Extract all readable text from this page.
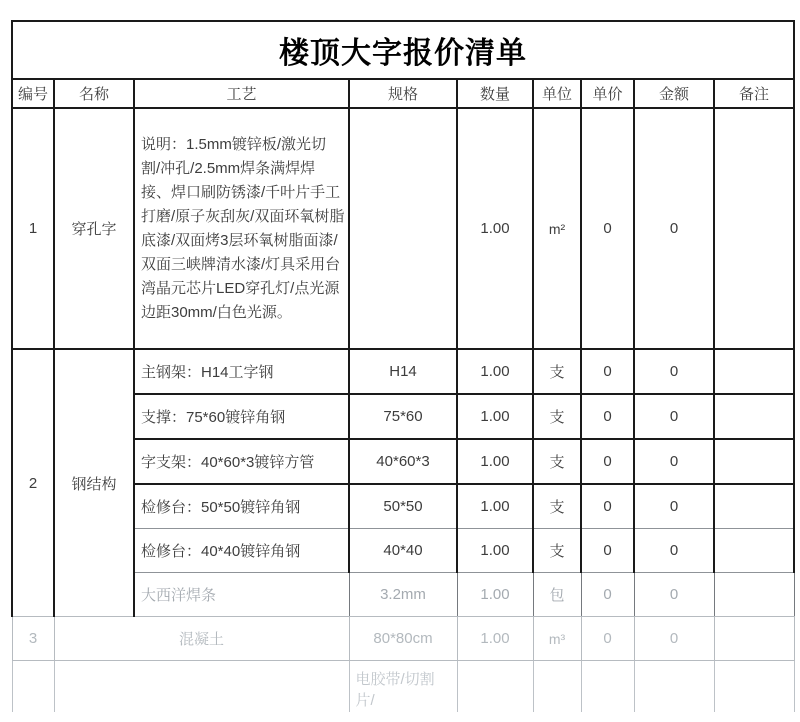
楼顶大字报价清单								
编号	名称	工艺	规格	数量	单位	单价	金额	备注
1	穿孔字	说明：1.5mm镀锌板/激光切割/冲孔/2.5mm焊条满焊焊接、焊口刷防锈漆/千叶片手工打磨/原子灰刮灰/双面环氧树脂底漆/双面烤3层环氧树脂面漆/双面三峡牌清水漆/灯具采用台湾晶元芯片LED穿孔灯/点光源边距30mm/白色光源。		1.00	m²	0	0	
2	钢结构	主钢架：H14工字钢	H14	1.00	支	0	0	
		支撑：75*60镀锌角钢	75*60	1.00	支	0	0	
		字支架：40*60*3镀锌方管	40*60*3	1.00	支	0	0	
		检修台：50*50镀锌角钢	50*50	1.00	支	0	0	
		检修台：40*40镀锌角钢	40*40	1.00	支	0	0	
		大西洋焊条	3.2mm	1.00	包	0	0	
3	混凝土		80*80cm	1.00	m³	0	0	
			电胶带/切割片/					
